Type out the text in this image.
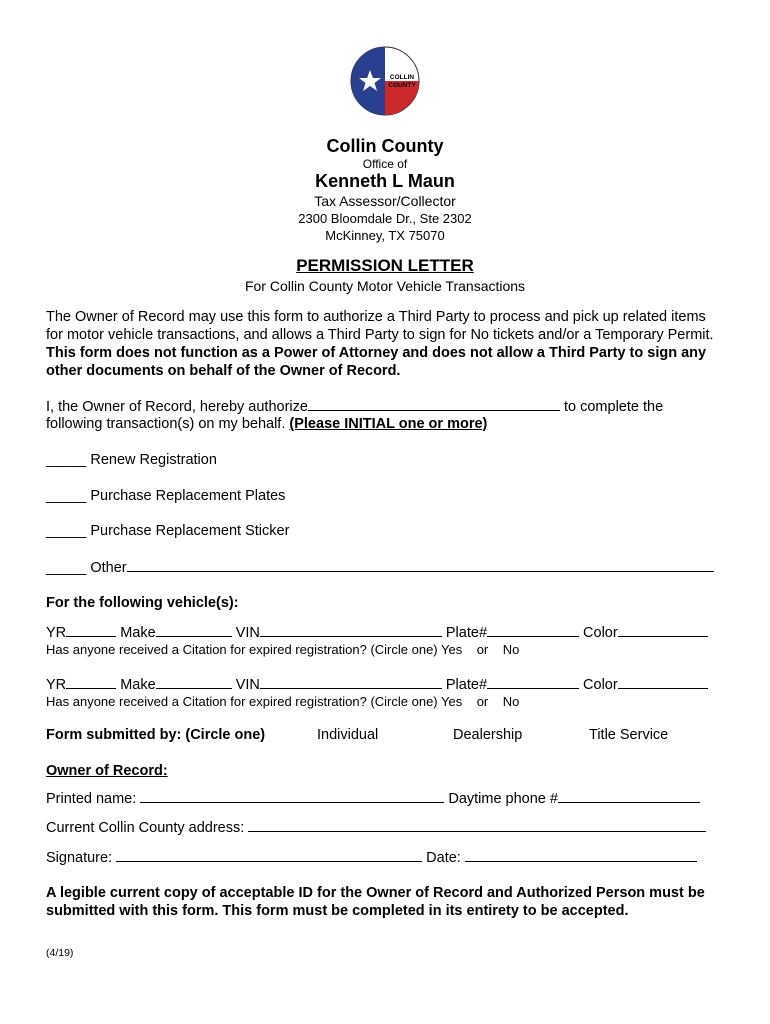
COLLIN
COUNTY
Collin County
Office of
Kenneth L Maun
Tax Assessor/Collector
2300 Bloomdale Dr., Ste 2302
McKinney, TX 75070
PERMISSION LETTER
For Collin County Motor Vehicle Transactions
The Owner of Record may use this form to authorize a Third Party to process and pick up related items for motor vehicle transactions, and allows a Third Party to sign for No tickets and/or a Temporary Permit.  This form does not function as a Power of Attorney and does not allow a Third Party to sign any other documents on behalf of the Owner of Record.
I, the Owner of Record, hereby authorize	to complete the
following transaction(s) on my behalf. (Please INITIAL one or more)
_____ Renew Registration
_____ Purchase Replacement Plates
_____ Purchase Replacement Sticker
_____ Other
For the following vehicle(s):
YR	Make	VIN	Plate#	Color
Has anyone received a Citation for expired registration? (Circle one) Yes or No
YR	Make	VIN	Plate#	Color
Has anyone received a Citation for expired registration? (Circle one) Yes or No
Form submitted by: (Circle one)	Individual	Dealership	Title Service
Owner of Record:
Printed name:	Daytime phone #
Current Collin County address:
Signature:	Date:
A legible current copy of acceptable ID for the Owner of Record and Authorized Person must be submitted with this form. This form must be completed in its entirety to be accepted.
(4/19)
